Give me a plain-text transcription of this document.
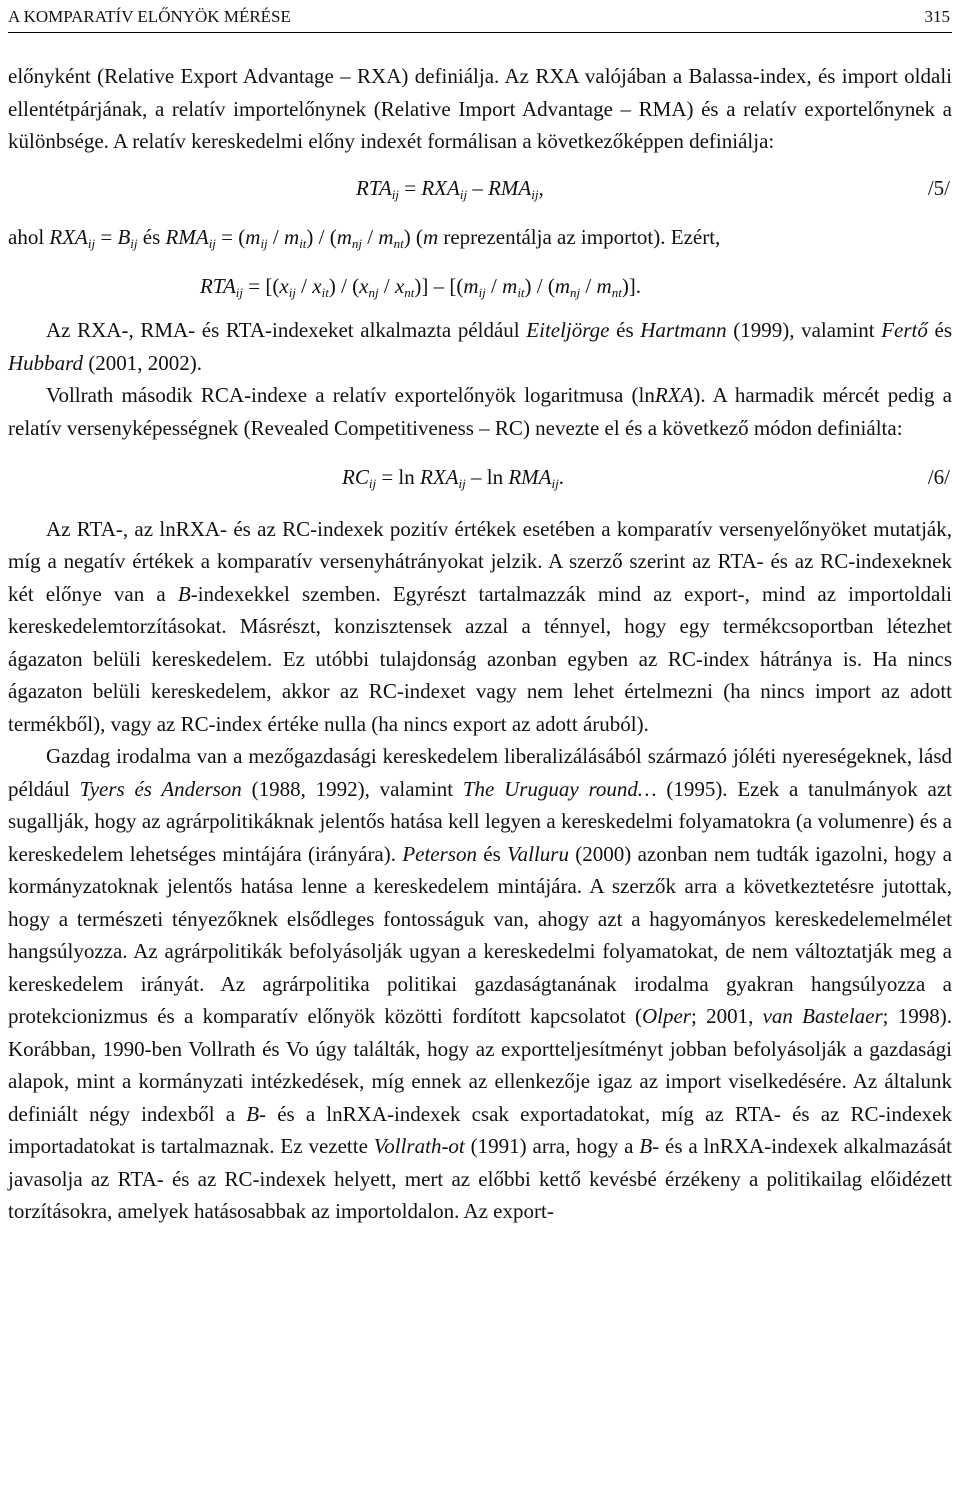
A KOMPARATÍV ELŐNYÖK MÉRÉSE	315

előnyként (Relative Export Advantage – RXA) definiálja. Az RXA valójában a Balassa-index, és import oldali ellentétpárjának, a relatív importelőnynek (Relative Import Advantage – RMA) és a relatív exportelőnynek a különbsége. A relatív kereskedelmi előny indexét formálisan a következőképpen definiálja:

$RTA_{ij} = RXA_{ij} - RMA_{ij}$,	/5/

ahol $RXA_{ij} = B_{ij}$ és $RMA_{ij} = (m_{ij} / m_{it}) / (m_{nj} / m_{nt})$ (m reprezentálja az importot). Ezért,

$RTA_{ij} = [(x_{ij} / x_{it}) / (x_{nj} / x_{nt})] - [(m_{ij} / m_{it}) / (m_{nj} / m_{nt})]$.

Az RXA-, RMA- és RTA-indexeket alkalmazta például Eiteljörge és Hartmann (1999), valamint Fertő és Hubbard (2001, 2002).

Vollrath második RCA-indexe a relatív exportelőnyök logaritmusa (lnRXA). A harmadik mércét pedig a relatív versenyképességnek (Revealed Competitiveness – RC) nevezte el és a következő módon definiálta:

$RC_{ij} = \ln RXA_{ij} - \ln RMA_{ij}$.	/6/

Az RTA-, az lnRXA- és az RC-indexek pozitív értékek esetében a komparatív versenyelőnyöket mutatják, míg a negatív értékek a komparatív versenyhátrányokat jelzik. A szerző szerint az RTA- és az RC-indexeknek két előnye van a B-indexekkel szemben. Egyrészt tartalmazzák mind az export-, mind az importoldali kereskedelemtorzításokat. Másrészt, konzisztensek azzal a ténnyel, hogy egy termékcsoportban létezhet ágazaton belüli kereskedelem. Ez utóbbi tulajdonság azonban egyben az RC-index hátránya is. Ha nincs ágazaton belüli kereskedelem, akkor az RC-indexet vagy nem lehet értelmezni (ha nincs import az adott termékből), vagy az RC-index értéke nulla (ha nincs export az adott áruból).

Gazdag irodalma van a mezőgazdasági kereskedelem liberalizálásából származó jóléti nyereségeknek, lásd például Tyers és Anderson (1988, 1992), valamint The Uruguay round… (1995). Ezek a tanulmányok azt sugallják, hogy az agrárpolitikáknak jelentős hatása kell legyen a kereskedelmi folyamatokra (a volumenre) és a kereskedelem lehetséges mintájára (irányára). Peterson és Valluru (2000) azonban nem tudták igazolni, hogy a kormányzatoknak jelentős hatása lenne a kereskedelem mintájára. A szerzők arra a következtetésre jutottak, hogy a természeti tényezőknek elsődleges fontosságuk van, ahogy azt a hagyományos kereskedelemelmélet hangsúlyozza. Az agrárpolitikák befolyásolják ugyan a kereskedelmi folyamatokat, de nem változtatják meg a kereskedelem irányát. Az agrárpolitika politikai gazdaságtanának irodalma gyakran hangsúlyozza a protekcionizmus és a komparatív előnyök közötti fordított kapcsolatot (Olper; 2001, van Bastelaer; 1998). Korábban, 1990-ben Vollrath és Vo úgy találták, hogy az exportteljesítményt jobban befolyásolják a gazdasági alapok, mint a kormányzati intézkedések, míg ennek az ellenkezője igaz az import viselkedésére. Az általunk definiált négy indexből a B- és a lnRXA-indexek csak exportadatokat, míg az RTA- és az RC-indexek importadatokat is tartalmaznak. Ez vezette Vollrath-ot (1991) arra, hogy a B- és a lnRXA-indexek alkalmazását javasolja az RTA- és az RC-indexek helyett, mert az előbbi kettő kevésbé érzékeny a politikailag előidézett torzításokra, amelyek hatásosabbak az importoldalon. Az export-
